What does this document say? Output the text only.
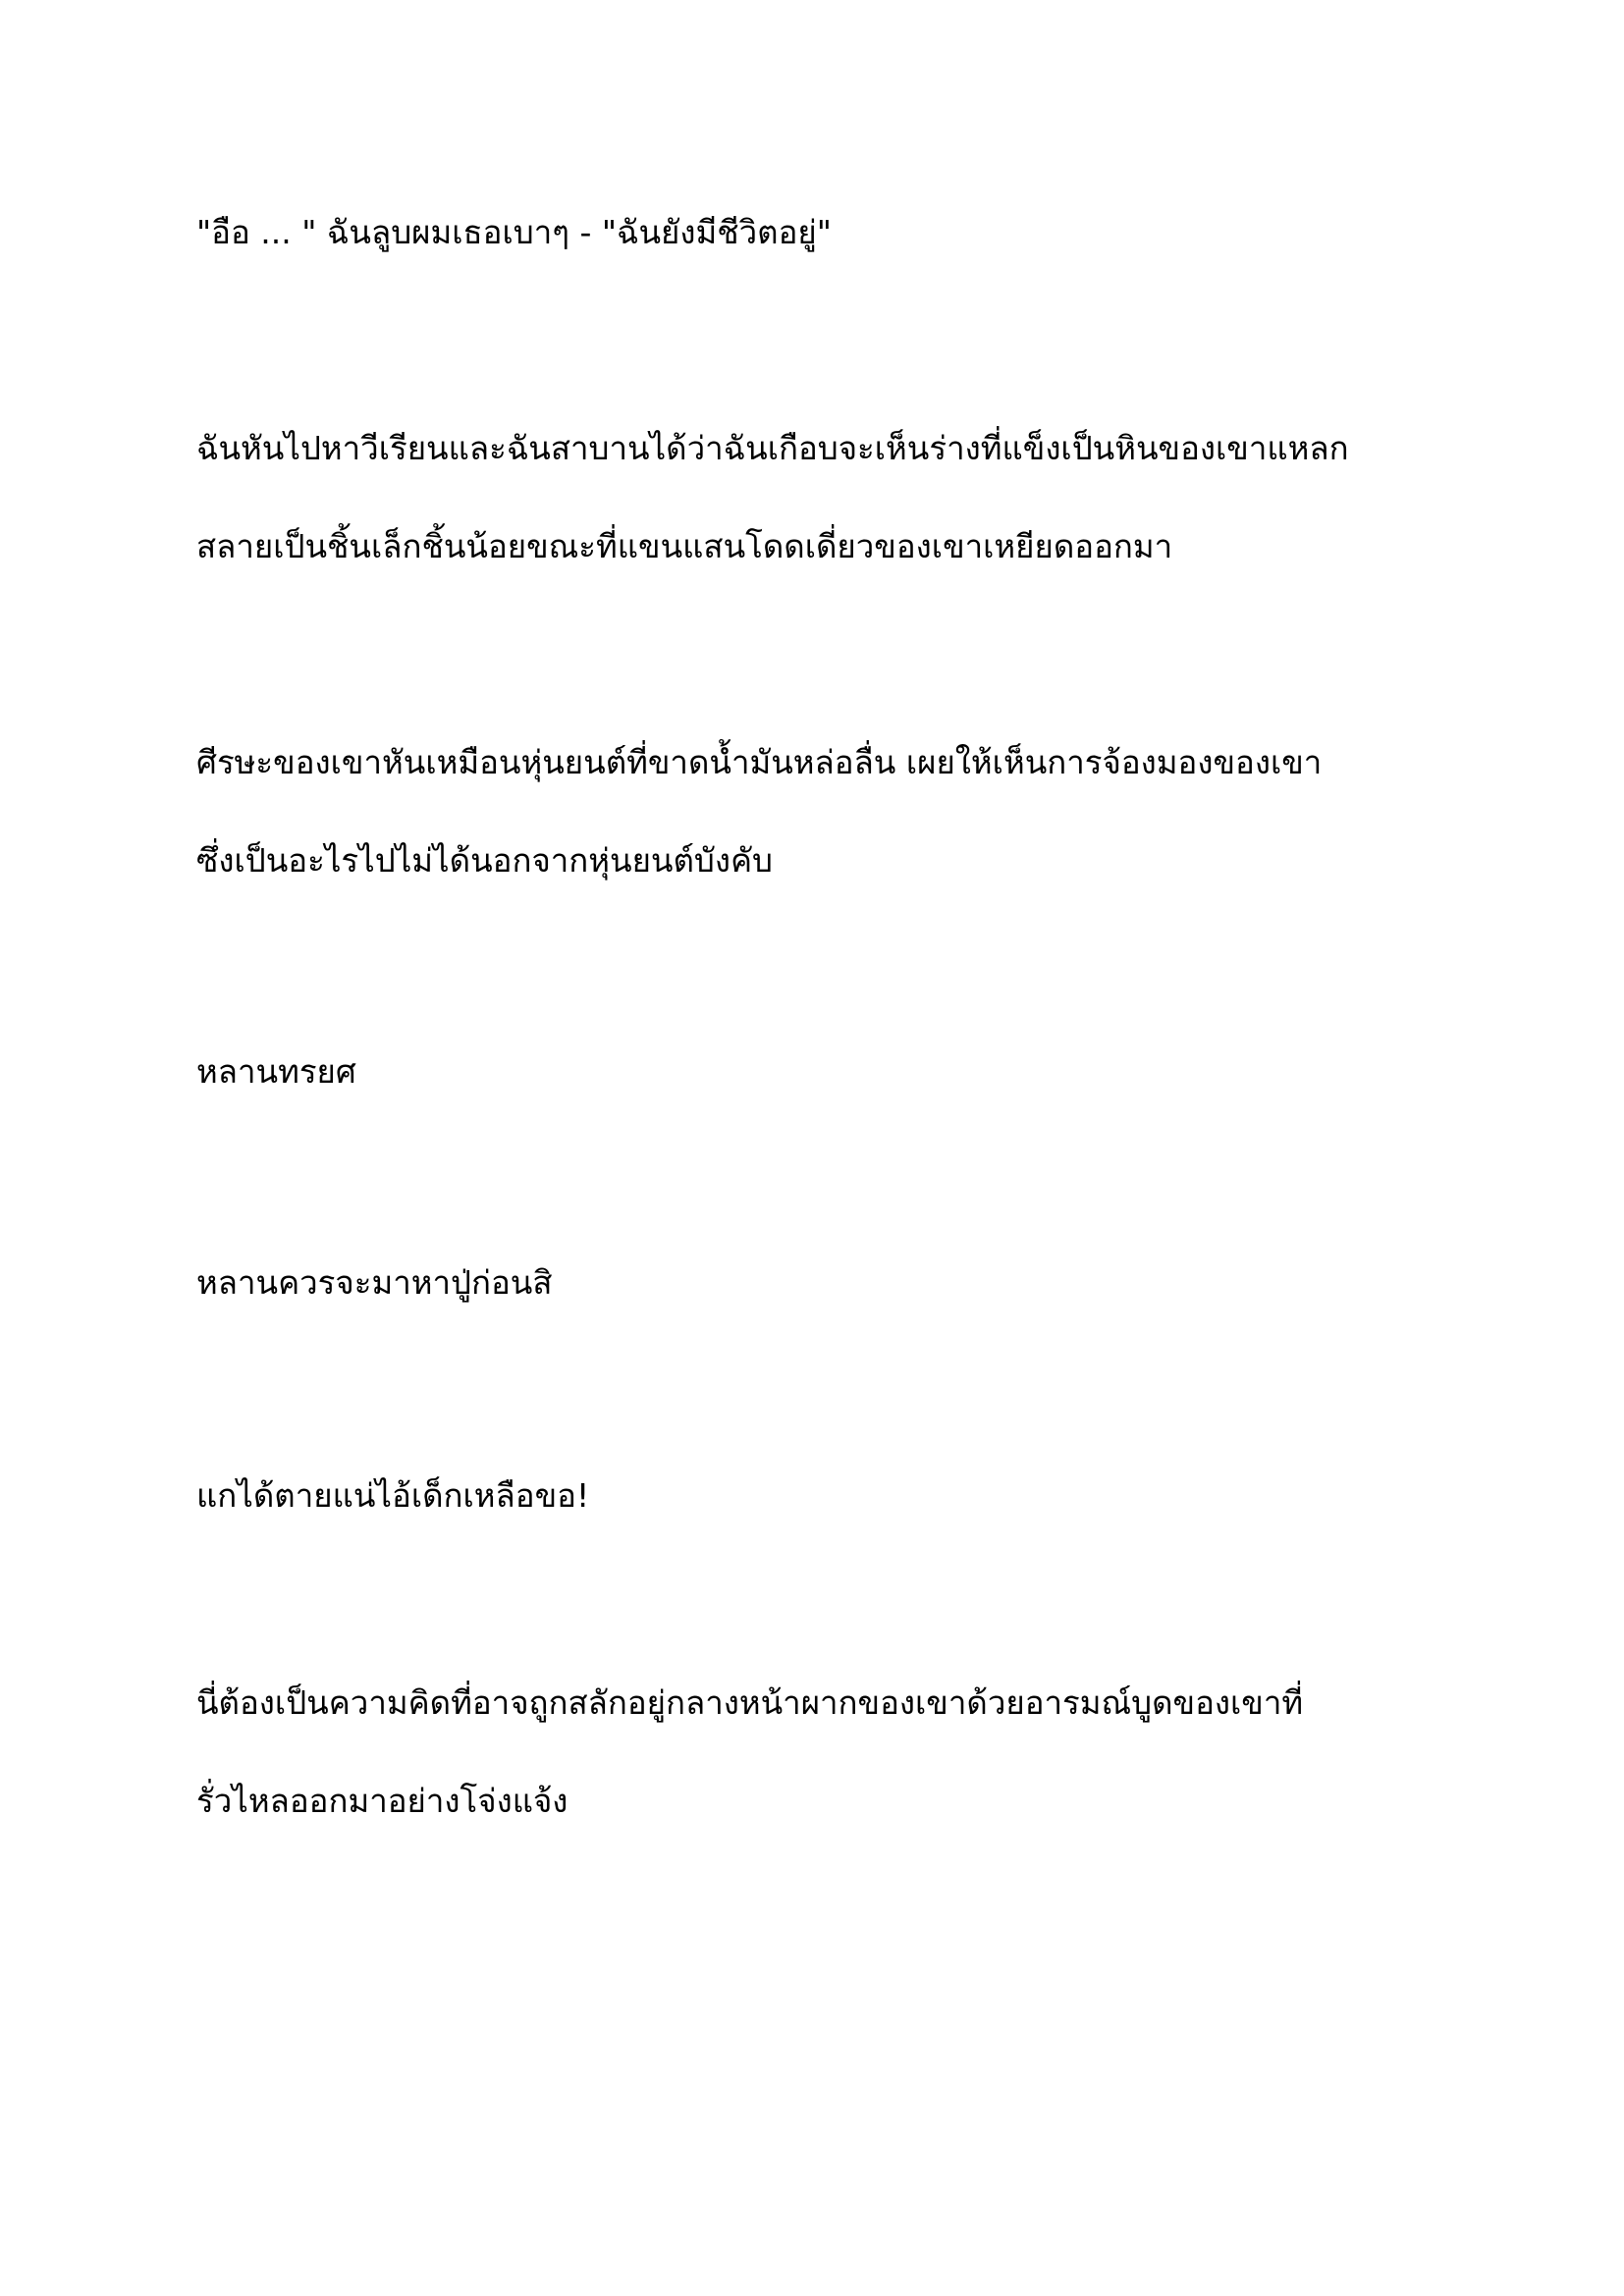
"อือ ... " ฉันลูบผมเธอเบาๆ - "ฉันยังมีชีวิตอยู่"
ฉันหันไปหาวีเรียนและฉันสาบานได้ว่าฉันเกือบจะเห็นร่างที่แข็งเป็นหินของเขาแหลก
สลายเป็นชิ้นเล็กชิ้นน้อยขณะที่แขนแสนโดดเดี่ยวของเขาเหยียดออกมา
ศีรษะของเขาหันเหมือนหุ่นยนต์ที่ขาดน้ำมันหล่อลื่น เผยให้เห็นการจ้องมองของเขา
ซึ่งเป็นอะไรไปไม่ได้นอกจากหุ่นยนต์บังคับ
หลานทรยศ
หลานควรจะมาหาปู่ก่อนสิ
แกได้ตายแน่ไอ้เด็กเหลือขอ!
นี่ต้องเป็นความคิดที่อาจถูกสลักอยู่กลางหน้าผากของเขาด้วยอารมณ์บูดของเขาที่
รั่วไหลออกมาอย่างโจ่งแจ้ง
